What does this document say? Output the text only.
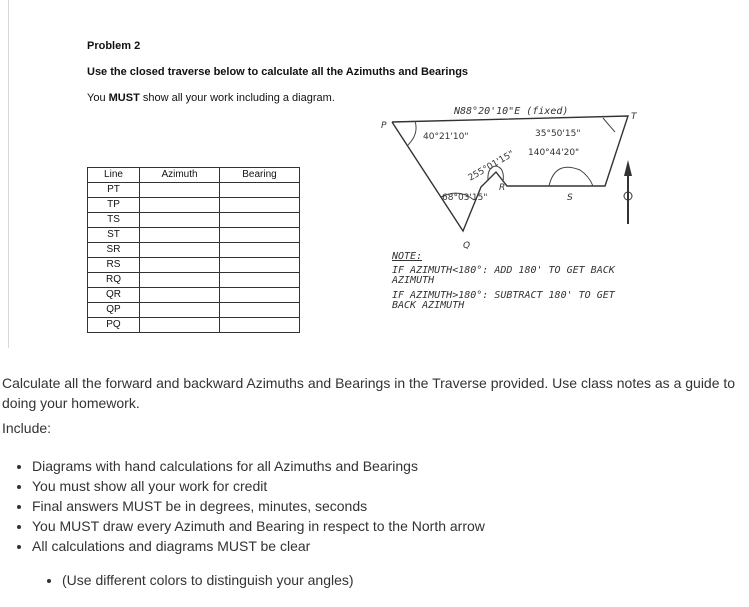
Problem 2
Use the closed traverse below to calculate all the Azimuths and Bearings
You MUST show all your work including a diagram.
Line	Azimuth	Bearing
PT		
TP		
TS		
ST		
SR		
RS		
RQ		
QR		
QP		
PQ		
P
T
R
S
Q
N88°20'10"E (fixed)
40°21'10"	35°50'15"
140°44'20"
255°01'15"
68°03'15"
NOTE:
IF AZIMUTH<180°: ADD 180' TO GET BACK
AZIMUTH
IF AZIMUTH>180°: SUBTRACT 180' TO GET
BACK AZIMUTH
Calculate all the forward and backward Azimuths and Bearings in the Traverse provided. Use class notes as a guide to doing your homework.
Include:
• Diagrams with hand calculations for all Azimuths and Bearings
• You must show all your work for credit
• Final answers MUST be in degrees, minutes, seconds
• You MUST draw every Azimuth and Bearing in respect to the North arrow
• All calculations and diagrams MUST be clear
• (Use different colors to distinguish your angles)
